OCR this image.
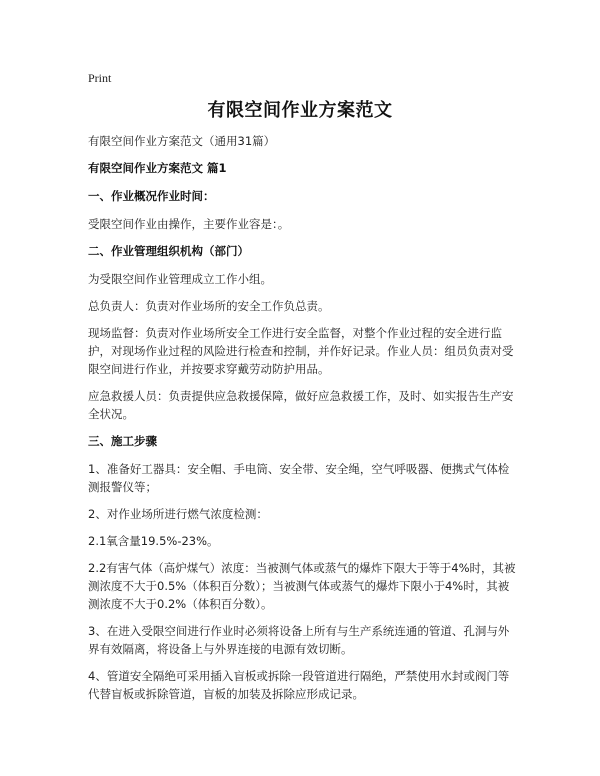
Print
有限空间作业方案范文

有限空间作业方案范文（通用31篇）

有限空间作业方案范文 篇1

一、作业概况作业时间：

受限空间作业由操作，主要作业容是：。

二、作业管理组织机构（部门）

为受限空间作业管理成立工作小组。

总负责人：负责对作业场所的安全工作负总责。

现场监督：负责对作业场所安全工作进行安全监督，对整个作业过程的安全进行监护，对现场作业过程的风险进行检查和控制，并作好记录。作业人员：组员负责对受限空间进行作业，并按要求穿戴劳动防护用品。

应急救援人员：负责提供应急救援保障，做好应急救援工作，及时、如实报告生产安全状况。

三、施工步骤

1、准备好工器具：安全帽、手电筒、安全带、安全绳，空气呼吸器、便携式气体检测报警仪等；

2、对作业场所进行燃气浓度检测：

2.1氧含量19.5%-23%。

2.2有害气体（高炉煤气）浓度：当被测气体或蒸气的爆炸下限大于等于4%时，其被测浓度不大于0.5%（体积百分数）；当被测气体或蒸气的爆炸下限小于4%时，其被测浓度不大于0.2%（体积百分数）。

3、在进入受限空间进行作业时必须将设备上所有与生产系统连通的管道、孔洞与外界有效隔离，将设备上与外界连接的电源有效切断。

4、管道安全隔绝可采用插入盲板或拆除一段管道进行隔绝，严禁使用水封或阀门等代替盲板或拆除管道，盲板的加装及拆除应形成记录。
